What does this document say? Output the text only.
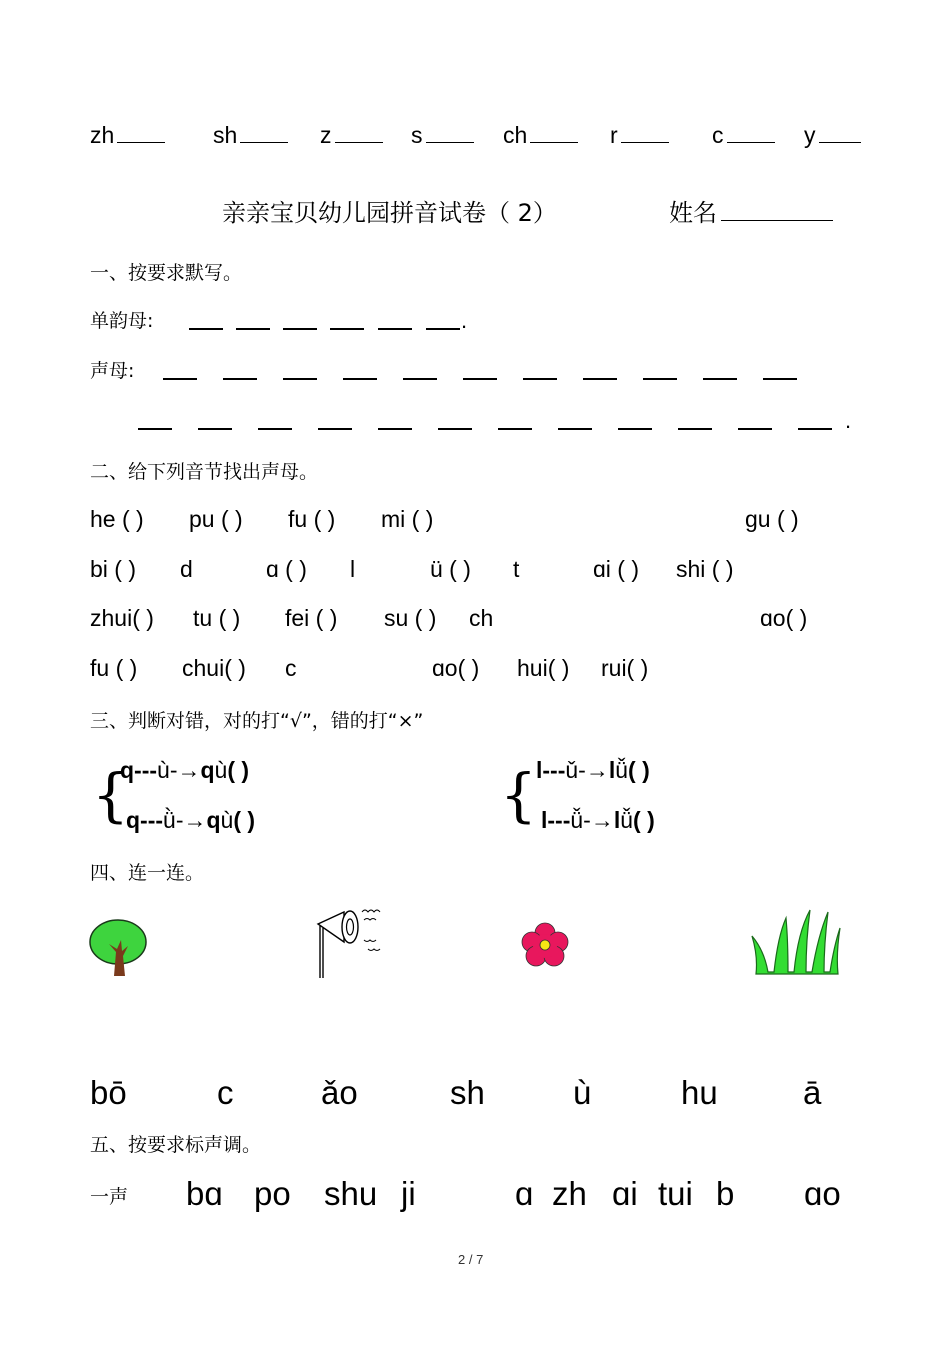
zh	sh	z	s	ch	r	c	y
亲亲宝贝幼儿园拼音试卷（ 2）	姓名
一、按要求默写。
单韵母:	.
声母:
.
二、给下列音节找出声母。
he ( ) pu ( ) fu ( ) mi ( )	ɡu ( )
bi ( ) d	ɑ ( ) l	ü ( ) t	ɑi ( ) shi ( )
zhui( ) tu ( ) fei ( ) su ( ) ch	ɑo( )
fu ( ) chui( ) c	ɑo( ) hui( ) rui( )
三、判断对错，对的打“√”，错的打“×”
{
q---ù-→qù( )
q---ǜ-→qù( )	{ l---ǔ-→lǚ( )
l---ǚ-→lǚ( )
四、连一连。
bō	c	ǎo	sh	ù	hu	ā
五、按要求标声调。
一声 bɑ po shu ji	ɑ zh ɑi tui b ɑo
2 / 7
